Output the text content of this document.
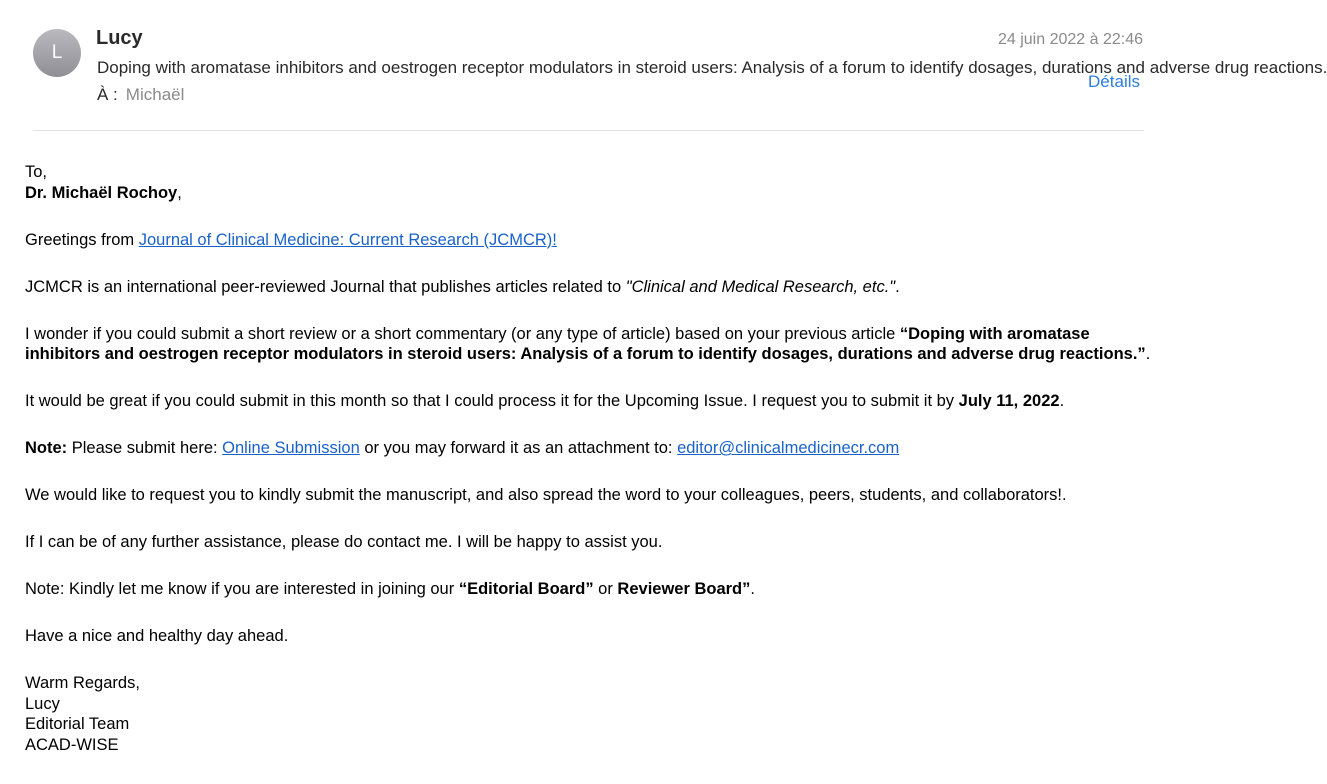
L
Lucy	24 juin 2022 à 22:46
Doping with aromatase inhibitors and oestrogen receptor modulators in steroid users: Analysis of a forum to identify dosages, durations and adverse drug reactions.
Détails
À : Michaël

To,
Dr. Michaël Rochoy,

Greetings from Journal of Clinical Medicine: Current Research (JCMCR)!

JCMCR is an international peer-reviewed Journal that publishes articles related to "Clinical and Medical Research, etc.".

I wonder if you could submit a short review or a short commentary (or any type of article) based on your previous article “Doping with aromatase inhibitors and oestrogen receptor modulators in steroid users: Analysis of a forum to identify dosages, durations and adverse drug reactions.”.

It would be great if you could submit in this month so that I could process it for the Upcoming Issue. I request you to submit it by July 11, 2022.

Note: Please submit here: Online Submission or you may forward it as an attachment to: editor@clinicalmedicinecr.com

We would like to request you to kindly submit the manuscript, and also spread the word to your colleagues, peers, students, and collaborators!.

If I can be of any further assistance, please do contact me. I will be happy to assist you.

Note: Kindly let me know if you are interested in joining our “Editorial Board” or Reviewer Board”.

Have a nice and healthy day ahead.

Warm Regards,
Lucy
Editorial Team
ACAD-WISE
